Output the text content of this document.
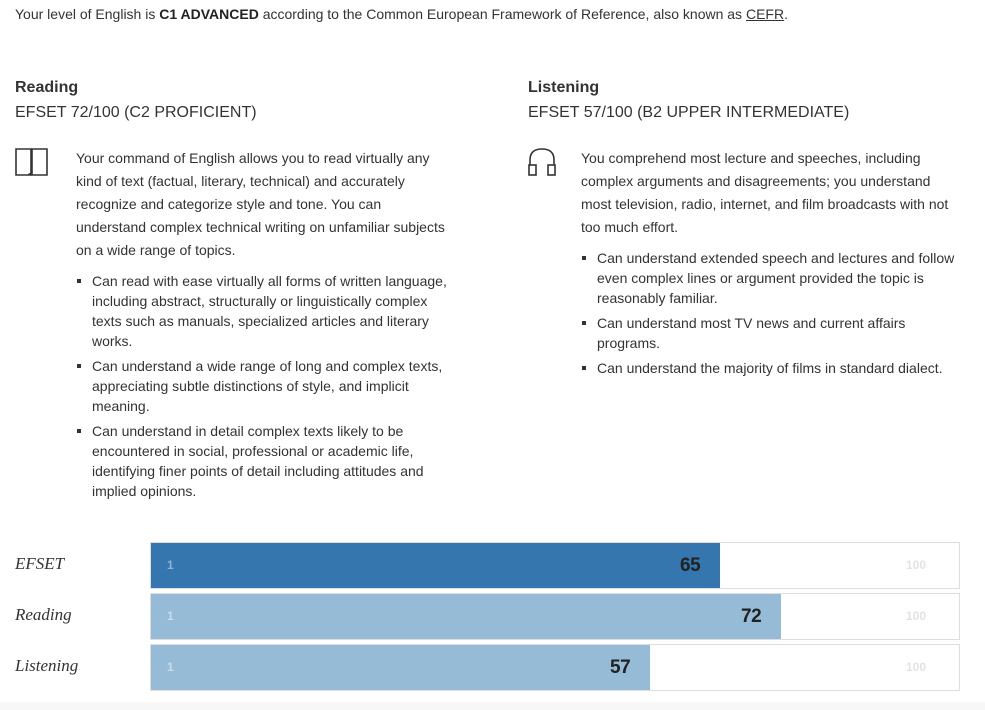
Your level of English is C1 ADVANCED according to the Common European Framework of Reference, also known as CEFR.
Reading
EFSET 72/100 (C2 PROFICIENT)

Your command of English allows you to read virtually any kind of text (factual, literary, technical) and accurately recognize and categorize style and tone. You can understand complex technical writing on unfamiliar subjects on a wide range of topics.

Can read with ease virtually all forms of written language, including abstract, structurally or linguistically complex texts such as manuals, specialized articles and literary works.
Can understand a wide range of long and complex texts, appreciating subtle distinctions of style, and implicit meaning.
Can understand in detail complex texts likely to be encountered in social, professional or academic life, identifying finer points of detail including attitudes and implied opinions.
Listening
EFSET 57/100 (B2 UPPER INTERMEDIATE)

You comprehend most lecture and speeches, including complex arguments and disagreements; you understand most television, radio, internet, and film broadcasts with not too much effort.

Can understand extended speech and lectures and follow even complex lines or argument provided the topic is reasonably familiar.
Can understand most TV news and current affairs programs.
Can understand the majority of films in standard dialect.
EFSET	1	65	100
Reading	1	72	100
Listening	1	57	100
